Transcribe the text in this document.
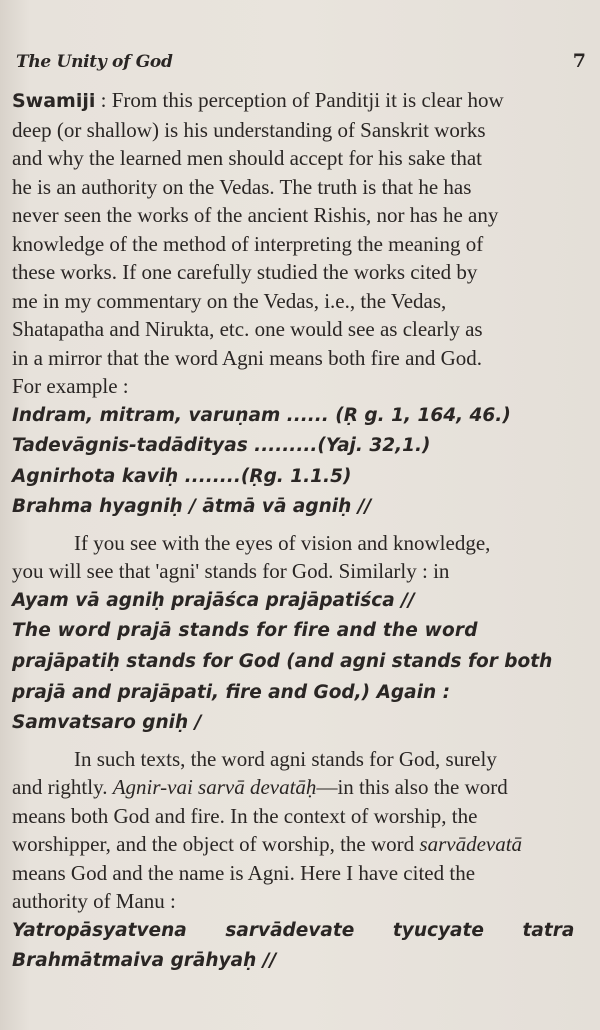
The Unity of God	7
Swamiji : From this perception of Panditji it is clear how
deep (or shallow) is his understanding of Sanskrit works
and why the learned men should accept for his sake that
he is an authority on the Vedas. The truth is that he has
never seen the works of the ancient Rishis, nor has he any
knowledge of the method of interpreting the meaning of
these works. If one carefully studied the works cited by
me in my commentary on the Vedas, i.e., the Vedas,
Shatapatha and Nirukta, etc. one would see as clearly as
in a mirror that the word Agni means both fire and God.
For example :
Indram, mitram, varuṇam ...... (Ṛ g. 1, 164, 46.)
Tadevāgnis-tadādityas .........(Yaj. 32,1.)
Agnirhota kaviḥ ........(Ṛg. 1.1.5)
Brahma hyagniḥ / ātmā vā agniḥ //
If you see with the eyes of vision and knowledge,
you will see that 'agni' stands for God. Similarly : in
Ayam vā agniḥ prajāśca prajāpatiśca //
The word prajā stands for fire and the word
prajāpatiḥ stands for God (and agni stands for both
prajā and prajāpati, fire and God,) Again :
Samvatsaro gniḥ /
In such texts, the word agni stands for God, surely
and rightly. Agnir-vai sarvā devatāḥ—in this also the word
means both God and fire. In the context of worship, the
worshipper, and the object of worship, the word sarvādevatā
means God and the name is Agni. Here I have cited the
authority of Manu :
Yatropāsyatvena      sarvādevate      tyucyate      tatra
Brahmātmaiva grāhyaḥ //
